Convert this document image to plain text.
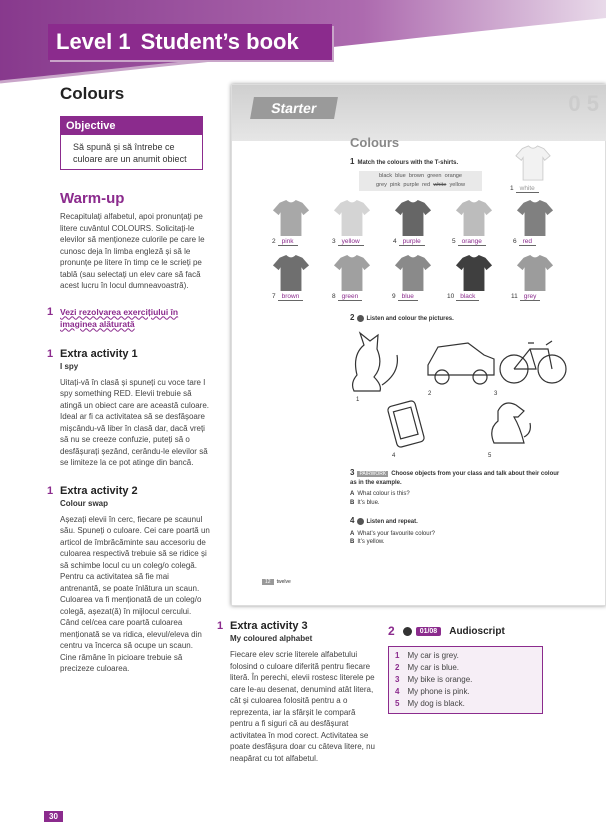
Level 1 Student’s book
Colours
Objective
Să spună și să întrebe ce culoare are un anumit obiect
Warm-up
Recapitulați alfabetul, apoi pronunțați pe litere cuvântul COLOURS. Solicitați-le elevilor să menționeze culorile pe care le cunosc deja în limba engleză și să le pronunțe pe litere în timp ce le scrieți pe tablă (sau selectați un elev care să facă acest lucru în locul dumneavoastră).
1 Vezi rezolvarea exercițiului în imaginea alăturată
1 Extra activity 1
I spy
Uitați-vă în clasă și spuneți cu voce tare I spy something RED. Elevii trebuie să atingă un obiect care are această culoare. Ideal ar fi ca activitatea să se desfășoare mișcându-vă liber în clasă dar, dacă vreți să nu se creeze confuzie, puteți să o desfășurați șezând, cerându-le elevilor să se limiteze la ce pot atinge din bancă.
1 Extra activity 2
Colour swap
Așezați elevii în cerc, fiecare pe scaunul său. Spuneți o culoare. Cei care poartă un articol de îmbrăcăminte sau accesoriu de culoarea respectivă trebuie să se ridice și să schimbe locul cu un coleg/o colegă. Pentru ca activitatea să fie mai antrenantă, se poate înlătura un scaun. Culoarea va fi menționată de un coleg/o colegă, așezat(ă) în mijlocul cercului. Când cel/cea care poartă culoarea menționată se va ridica, elevul/eleva din centru va încerca să ocupe un scaun. Cine rămâne în picioare trebuie să precizeze culoarea.
Starter	0 5
Colours
1 Match the colours with the T-shirts.
black blue brown green orange
grey pink purple red white yellow	1 white
2 pink	3 yellow	4 purple	5 orange	6 red
7 brown	8 green	9 blue	10 black	11 grey
2 Listen and colour the pictures.
1
2	3
4	5
3 PAIRWORK Choose objects from your class and talk about their colour as in the example.
A What colour is this?
B It’s blue.
4 Listen and repeat.
A What’s your favourite colour?
B It’s yellow.
12 twelve
1 Extra activity 3
My coloured alphabet
Fiecare elev scrie literele alfabetului folosind o culoare diferită pentru fiecare literă. În perechi, elevii rostesc literele pe care le-au desenat, denumind atât litera, cât și culoarea folosită pentru a o reprezenta, iar la sfârșit le compară pentru a fi siguri că au desfășurat activitatea în mod corect. Activitatea se poate desfășura doar cu câteva litere, nu neapărat cu tot alfabetul.
2	01/08	Audioscript
1 My car is grey.
2 My car is blue.
3 My bike is orange.
4 My phone is pink.
5 My dog is black.
30
